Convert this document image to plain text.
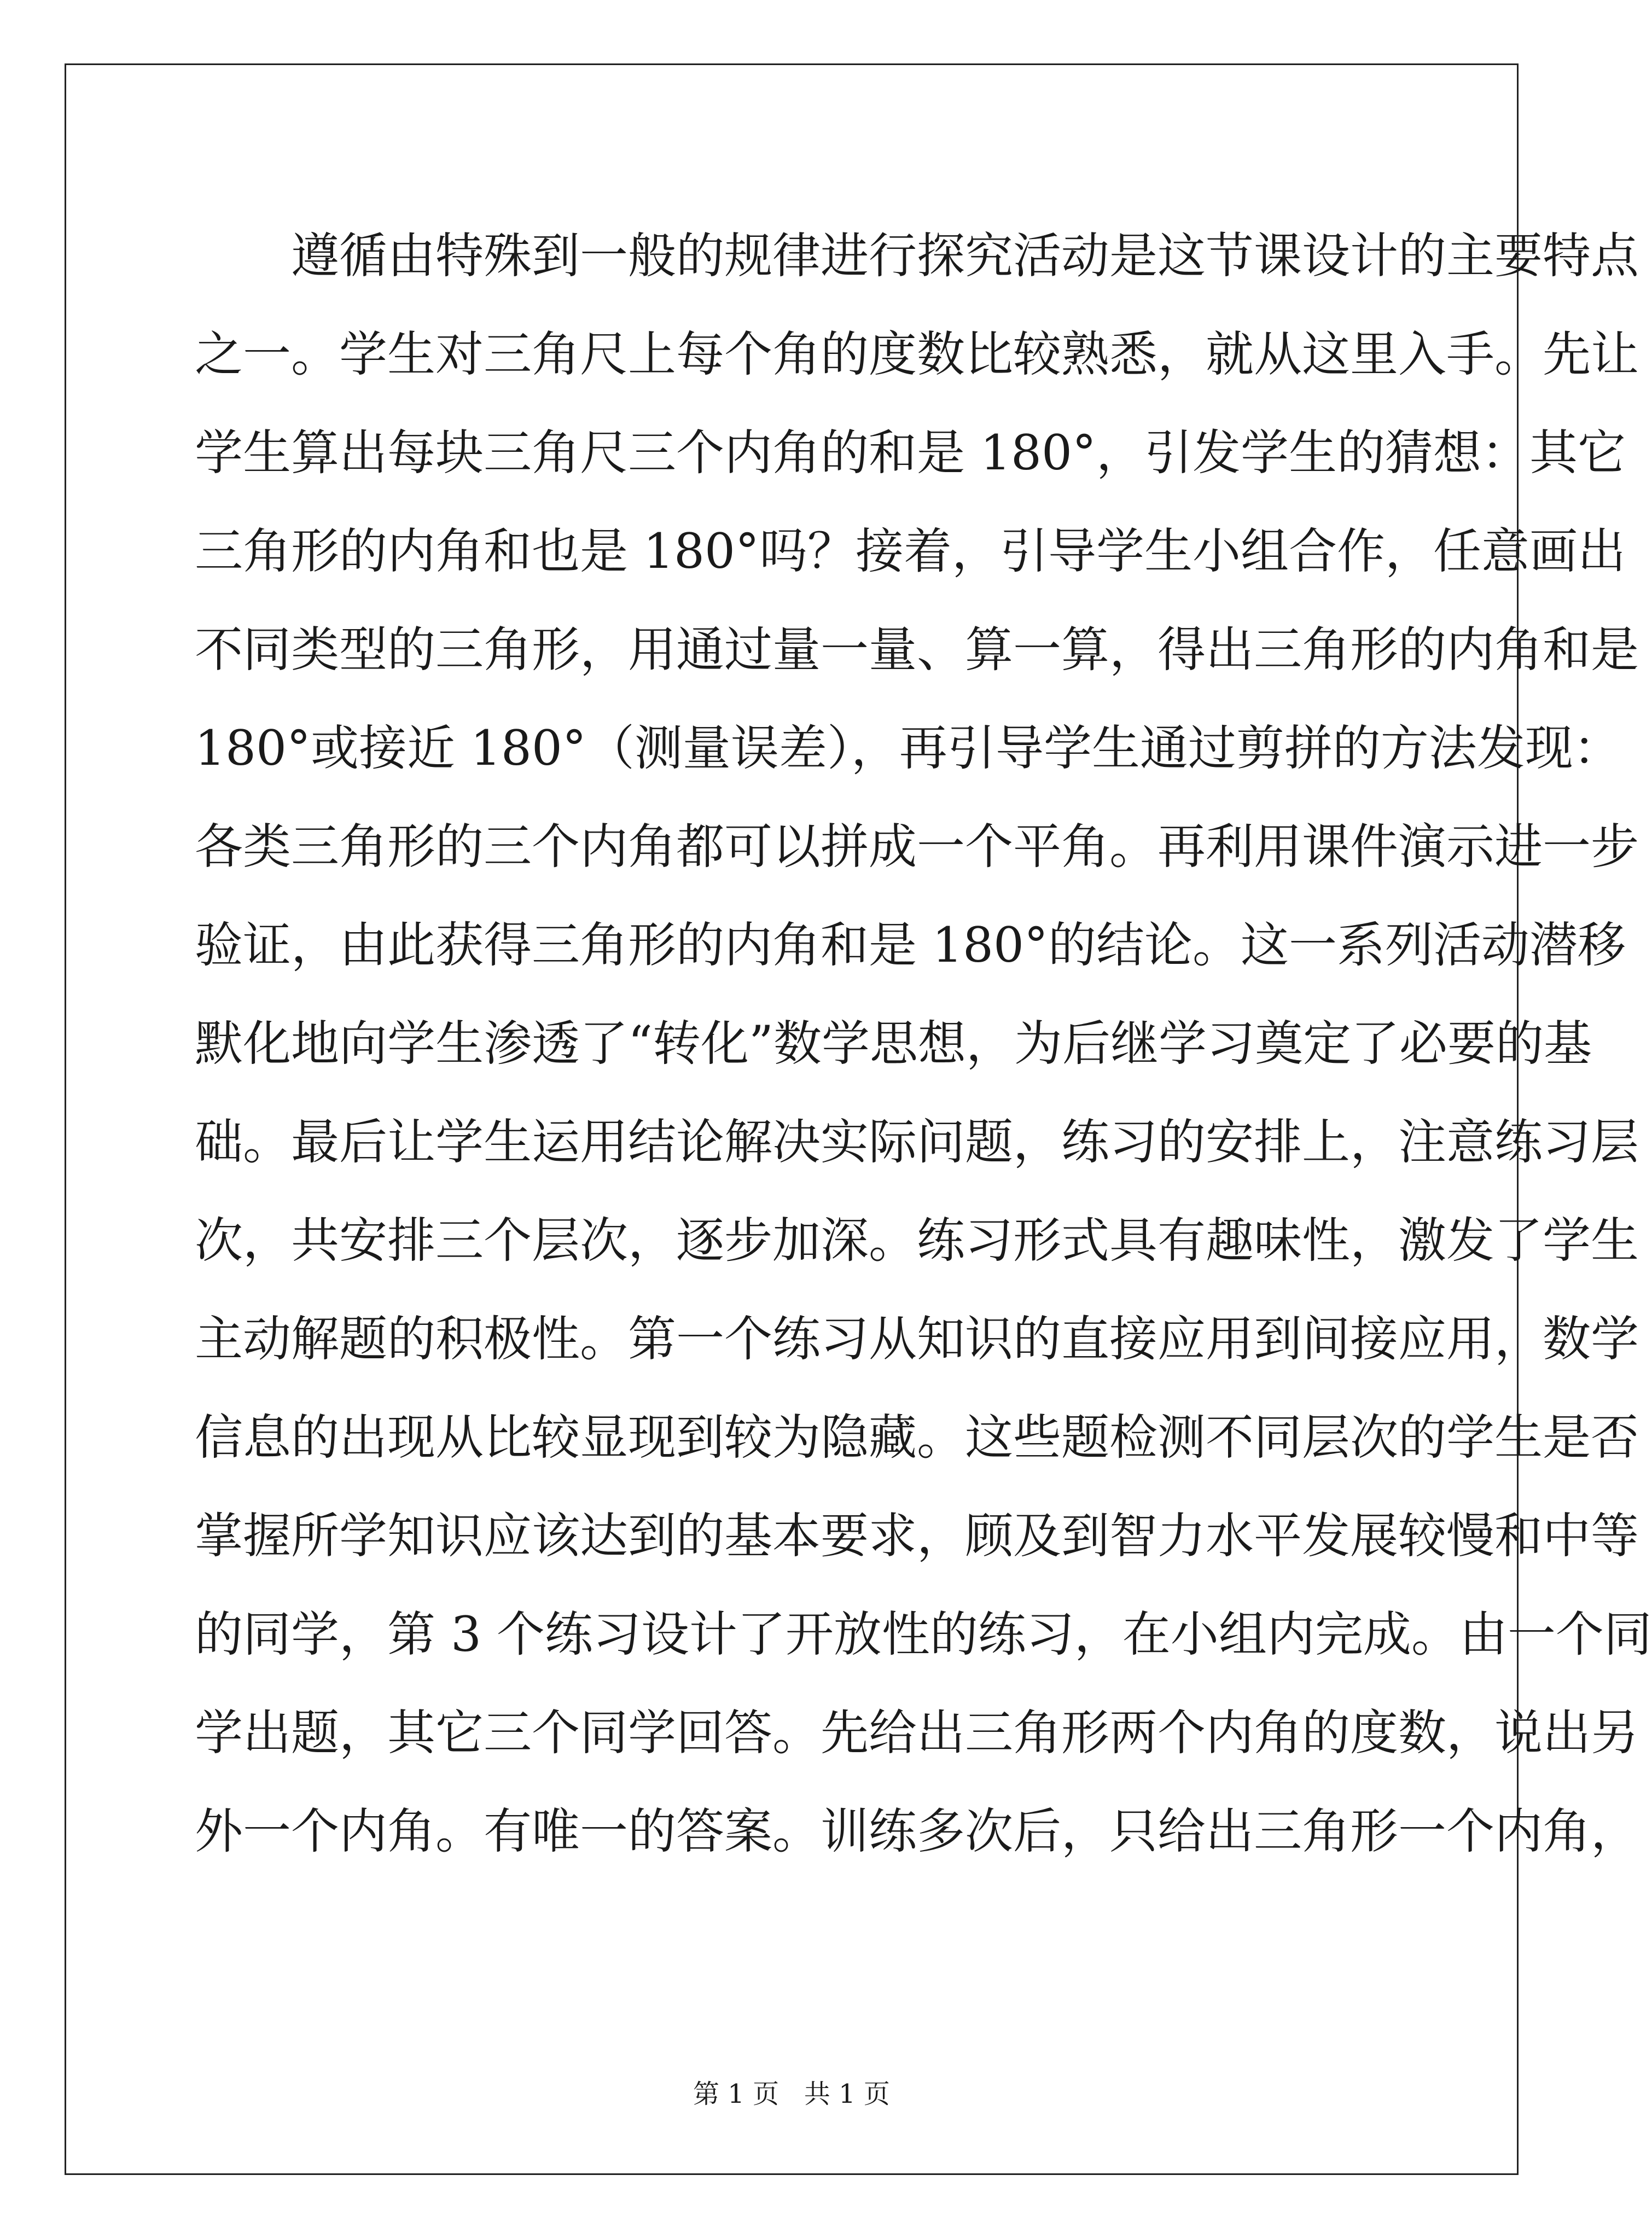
遵循由特殊到一般的规律进行探究活动是这节课设计的主要特点
之一。学生对三角尺上每个角的度数比较熟悉，就从这里入手。先让
学生算出每块三角尺三个内角的和是 180°，引发学生的猜想：其它
三角形的内角和也是 180°吗？接着，引导学生小组合作，任意画出
不同类型的三角形，用通过量一量、算一算，得出三角形的内角和是
180°或接近 180°（测量误差），再引导学生通过剪拼的方法发现：
各类三角形的三个内角都可以拼成一个平角。再利用课件演示进一步
验证，由此获得三角形的内角和是 180°的结论。这一系列活动潜移
默化地向学生渗透了“转化”数学思想，为后继学习奠定了必要的基
础。最后让学生运用结论解决实际问题，练习的安排上，注意练习层
次，共安排三个层次，逐步加深。练习形式具有趣味性，激发了学生
主动解题的积极性。第一个练习从知识的直接应用到间接应用，数学
信息的出现从比较显现到较为隐藏。这些题检测不同层次的学生是否
掌握所学知识应该达到的基本要求，顾及到智力水平发展较慢和中等
的同学，第 3 个练习设计了开放性的练习，在小组内完成。由一个同
学出题，其它三个同学回答。先给出三角形两个内角的度数，说出另
外一个内角。有唯一的答案。训练多次后，只给出三角形一个内角，
第 1 页   共 1 页
